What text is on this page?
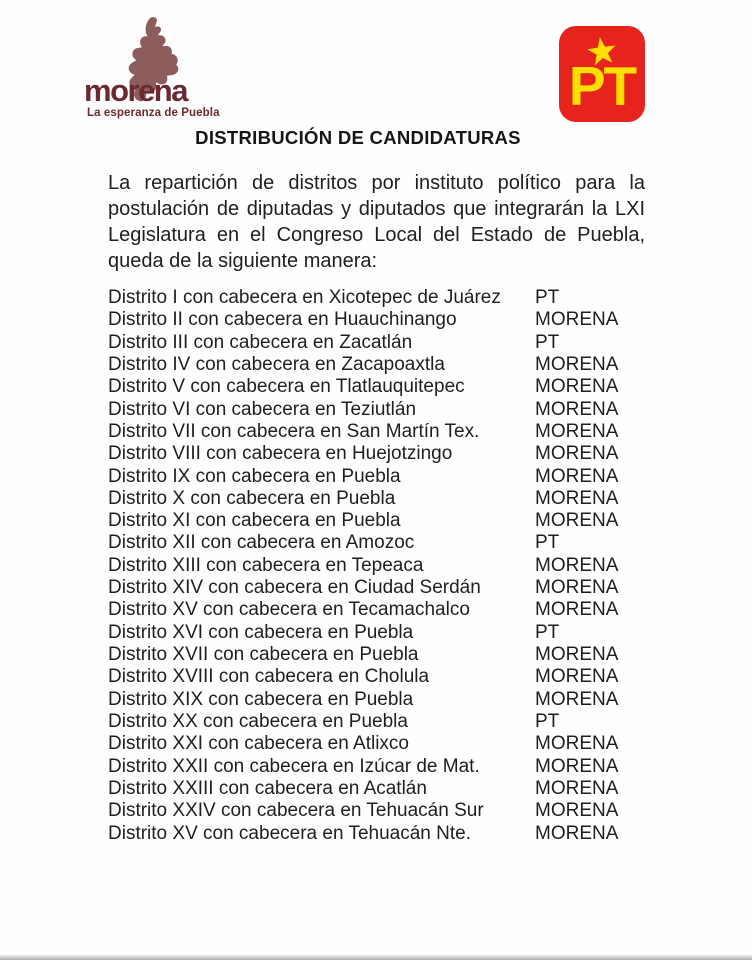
morena
La esperanza de Puebla	PT
DISTRIBUCIÓN DE CANDIDATURAS
La repartición de distritos por instituto político para la postulación de diputadas y diputados que integrarán la LXI Legislatura en el Congreso Local del Estado de Puebla, queda de la siguiente manera:
Distrito I con cabecera en Xicotepec de Juárez	PT
Distrito II con cabecera en Huauchinango	MORENA
Distrito III con cabecera en Zacatlán	PT
Distrito IV con cabecera en Zacapoaxtla	MORENA
Distrito V con cabecera en Tlatlauquitepec	MORENA
Distrito VI con cabecera en Teziutlán	MORENA
Distrito VII con cabecera en San Martín Tex.	MORENA
Distrito VIII con cabecera en Huejotzingo	MORENA
Distrito IX con cabecera en Puebla	MORENA
Distrito X con cabecera en Puebla	MORENA
Distrito XI con cabecera en Puebla	MORENA
Distrito XII con cabecera en Amozoc	PT
Distrito XIII con cabecera en Tepeaca	MORENA
Distrito XIV con cabecera en Ciudad Serdán	MORENA
Distrito XV con cabecera en Tecamachalco	MORENA
Distrito XVI con cabecera en Puebla	PT
Distrito XVII con cabecera en Puebla	MORENA
Distrito XVIII con cabecera en Cholula	MORENA
Distrito XIX con cabecera en Puebla	MORENA
Distrito XX con cabecera en Puebla	PT
Distrito XXI con cabecera en Atlixco	MORENA
Distrito XXII con cabecera en Izúcar de Mat.	MORENA
Distrito XXIII con cabecera en Acatlán	MORENA
Distrito XXIV con cabecera en Tehuacán Sur	MORENA
Distrito XV con cabecera en Tehuacán Nte.	MORENA
